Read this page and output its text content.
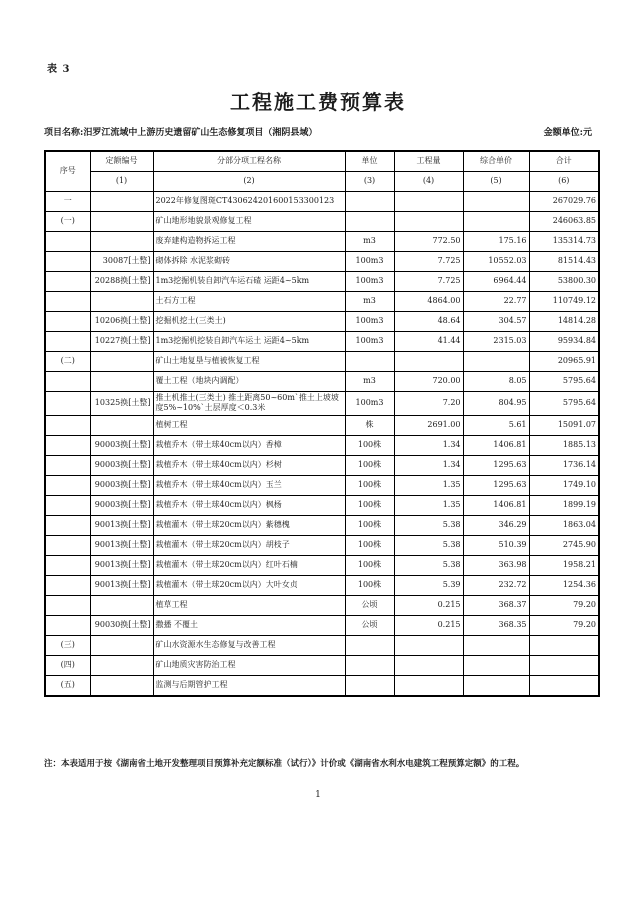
表 3
工程施工费预算表
项目名称:汨罗江流域中上游历史遗留矿山生态修复项目（湘阴县域）	金额单位:元
序号	定额编号	分部分项工程名称	单位	工程量	综合单价	合计
	(1)	(2)	(3)	(4)	(5)	(6)
一		2022年修复图斑CT430624201600153300123				267029.76
(一)		矿山地形地貌景观修复工程				246063.85
		废弃建构造物拆运工程	m3	772.50	175.16	135314.73
	30087[土整]	砌体拆除 水泥浆砌砖	100m3	7.725	10552.03	81514.43
	20288换[土整]	1m3挖掘机装自卸汽车运石碴 运距4~5km	100m3	7.725	6964.44	53800.30
		土石方工程	m3	4864.00	22.77	110749.12
	10206换[土整]	挖掘机挖土(三类土)	100m3	48.64	304.57	14814.28
	10227换[土整]	1m3挖掘机挖装自卸汽车运土 运距4~5km	100m3	41.44	2315.03	95934.84
(二)		矿山土地复垦与植被恢复工程				20965.91
		覆土工程（地块内调配）	m3	720.00	8.05	5795.64
	10325换[土整]	推土机推土(三类土) 推土距离50~60m`推土上坡坡度5%~10%`土层厚度＜0.3米	100m3	7.20	804.95	5795.64
		植树工程	株	2691.00	5.61	15091.07
	90003换[土整]	栽植乔木（带土球40cm以内）香樟	100株	1.34	1406.81	1885.13
	90003换[土整]	栽植乔木（带土球40cm以内）杉树	100株	1.34	1295.63	1736.14
	90003换[土整]	栽植乔木（带土球40cm以内）玉兰	100株	1.35	1295.63	1749.10
	90003换[土整]	栽植乔木（带土球40cm以内）枫杨	100株	1.35	1406.81	1899.19
	90013换[土整]	栽植灌木（带土球20cm以内）紫穗槐	100株	5.38	346.29	1863.04
	90013换[土整]	栽植灌木（带土球20cm以内）胡枝子	100株	5.38	510.39	2745.90
	90013换[土整]	栽植灌木（带土球20cm以内）红叶石楠	100株	5.38	363.98	1958.21
	90013换[土整]	栽植灌木（带土球20cm以内）大叶女贞	100株	5.39	232.72	1254.36
		植草工程	公顷	0.215	368.37	79.20
	90030换[土整]	撒播 不覆土	公顷	0.215	368.35	79.20
(三)		矿山水资源水生态修复与改善工程				
(四)		矿山地质灾害防治工程				
(五)		监测与后期管护工程				
注：本表适用于按《湖南省土地开发整理项目预算补充定额标准（试行）》计价或《湖南省水利水电建筑工程预算定额》的工程。
1
